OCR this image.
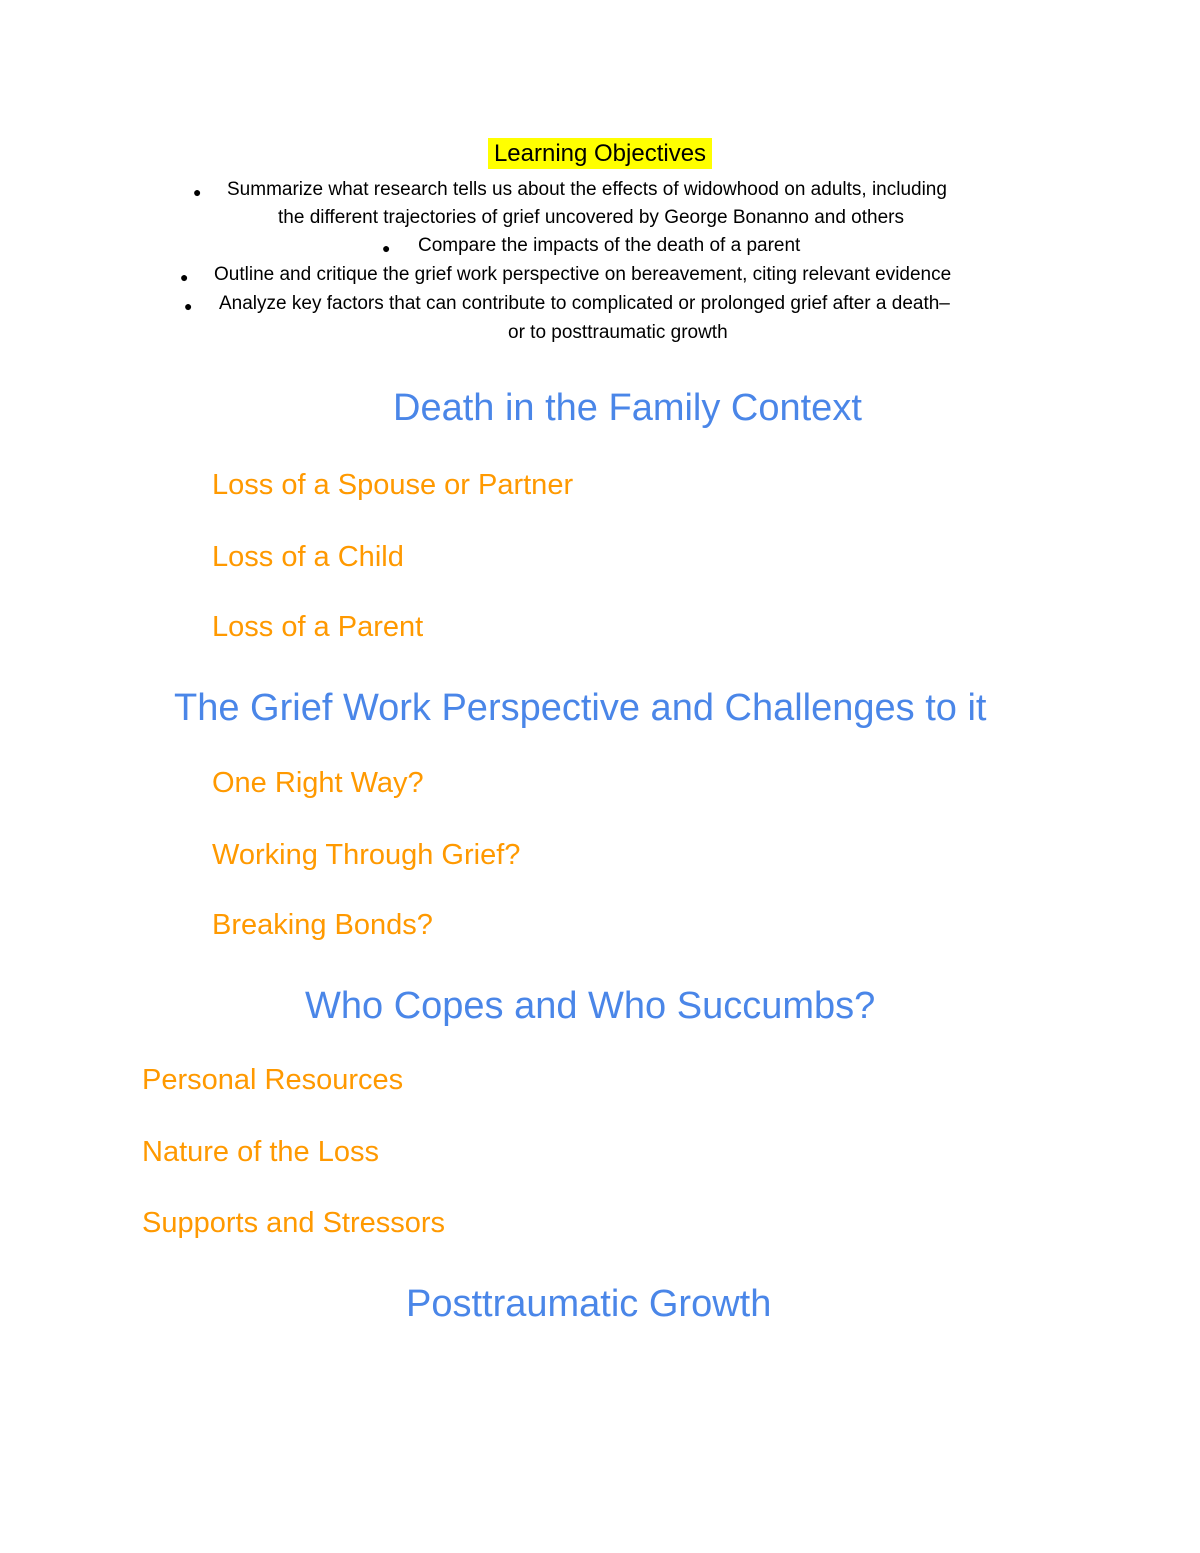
Learning Objectives
● Summarize what research tells us about the effects of widowhood on adults, including
the different trajectories of grief uncovered by George Bonanno and others
● Compare the impacts of the death of a parent
● Outline and critique the grief work perspective on bereavement, citing relevant evidence
● Analyze key factors that can contribute to complicated or prolonged grief after a death–
or to posttraumatic growth
Death in the Family Context
Loss of a Spouse or Partner
Loss of a Child
Loss of a Parent
The Grief Work Perspective and Challenges to it
One Right Way?
Working Through Grief?
Breaking Bonds?
Who Copes and Who Succumbs?
Personal Resources
Nature of the Loss
Supports and Stressors
Posttraumatic Growth
